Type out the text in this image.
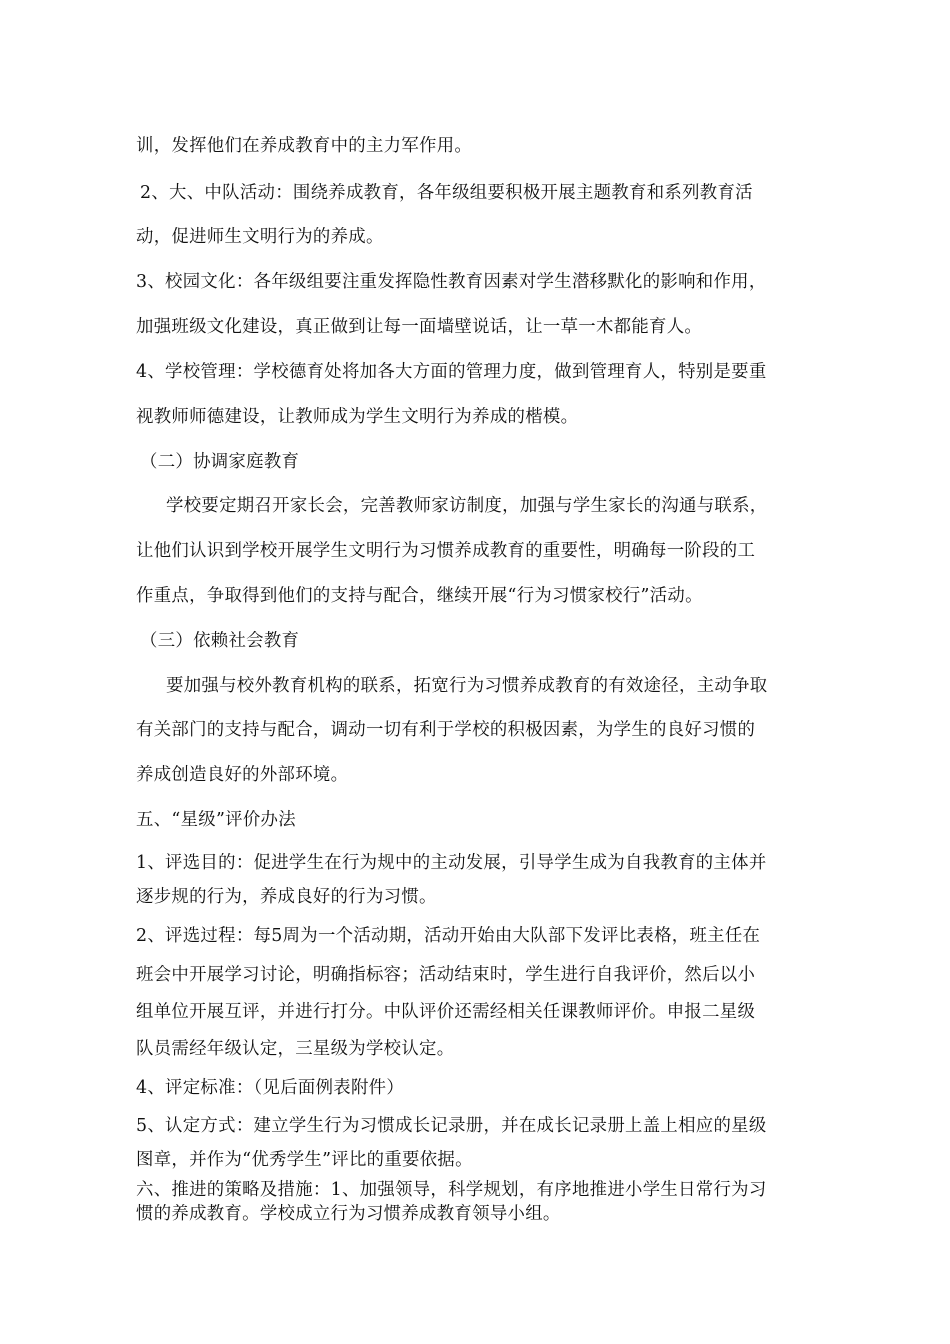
训，发挥他们在养成教育中的主力军作用。
2、大、中队活动：围绕养成教育，各年级组要积极开展主题教育和系列教育活
动，促进师生文明行为的养成。
3、校园文化：各年级组要注重发挥隐性教育因素对学生潜移默化的影响和作用，
加强班级文化建设，真正做到让每一面墙壁说话，让一草一木都能育人。
4、学校管理：学校德育处将加各大方面的管理力度，做到管理育人，特别是要重
视教师师德建设，让教师成为学生文明行为养成的楷模。
（二）协调家庭教育
学校要定期召开家长会，完善教师家访制度，加强与学生家长的沟通与联系，
让他们认识到学校开展学生文明行为习惯养成教育的重要性，明确每一阶段的工
作重点，争取得到他们的支持与配合，继续开展“行为习惯家校行”活动。
（三）依赖社会教育
要加强与校外教育机构的联系，拓宽行为习惯养成教育的有效途径，主动争取
有关部门的支持与配合，调动一切有利于学校的积极因素，为学生的良好习惯的
养成创造良好的外部环境。
五、“星级”评价办法
1、评选目的：促进学生在行为规中的主动发展，引导学生成为自我教育的主体并
逐步规的行为，养成良好的行为习惯。
2、评选过程：每5周为一个活动期，活动开始由大队部下发评比表格，班主任在
班会中开展学习讨论，明确指标容；活动结束时，学生进行自我评价，然后以小
组单位开展互评，并进行打分。中队评价还需经相关任课教师评价。申报二星级
队员需经年级认定，三星级为学校认定。
4、评定标准：（见后面例表附件）
5、认定方式：建立学生行为习惯成长记录册，并在成长记录册上盖上相应的星级
图章，并作为“优秀学生”评比的重要依据。
六、推进的策略及措施：1、加强领导，科学规划，有序地推进小学生日常行为习
惯的养成教育。学校成立行为习惯养成教育领导小组。
